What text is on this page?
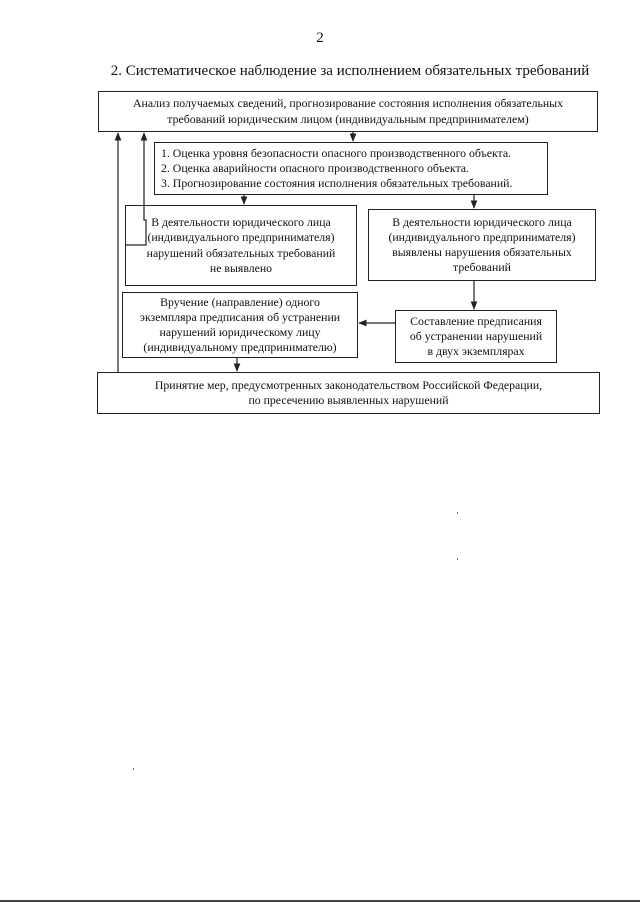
2
2. Систематическое наблюдение за исполнением обязательных требований
Анализ получаемых сведений, прогнозирование состояния исполнения обязательных
требований юридическим лицом (индивидуальным предпринимателем)
1. Оценка уровня безопасности опасного производственного объекта.
2. Оценка аварийности опасного производственного объекта.
3. Прогнозирование состояния исполнения обязательных требований.
В деятельности юридического лица
(индивидуального предпринимателя)
нарушений обязательных требований
не выявлено
В деятельности юридического лица
(индивидуального предпринимателя)
выявлены нарушения обязательных
требований
Вручение (направление) одного
экземпляра предписания об устранении
нарушений юридическому лицу
(индивидуальному предпринимателю)
Составление предписания
об устранении нарушений
в двух экземплярах
Принятие мер, предусмотренных законодательством Российской Федерации,
по пресечению выявленных нарушений
